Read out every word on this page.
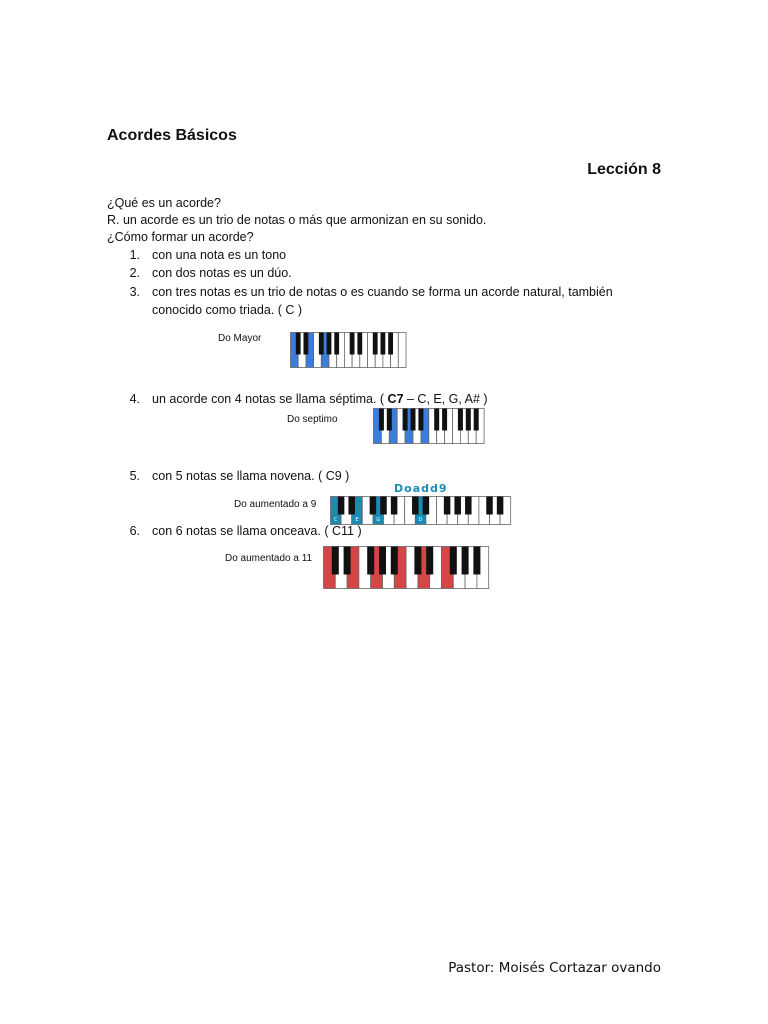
Acordes Básicos
Lección 8
¿Qué es un acorde?
R. un acorde es un trio de notas o más que armonizan en su sonido.
¿Cómo formar un acorde?
1. con una nota es un tono
2. con dos notas es un dúo.
3. con tres notas es un trio de notas o es cuando se forma un acorde natural, también
conocido como triada. ( C )
Do Mayor
4. un acorde con 4 notas se llama séptima. ( C7 – C, E, G, A# )
Do septimo
5. con 5 notas se llama novena. ( C9 )
Do aumentado a 9
Doadd9
C	E	G	D
6. con 6 notas se llama onceava. ( C11 )
Do aumentado a 11
Pastor: Moisés Cortazar ovando
